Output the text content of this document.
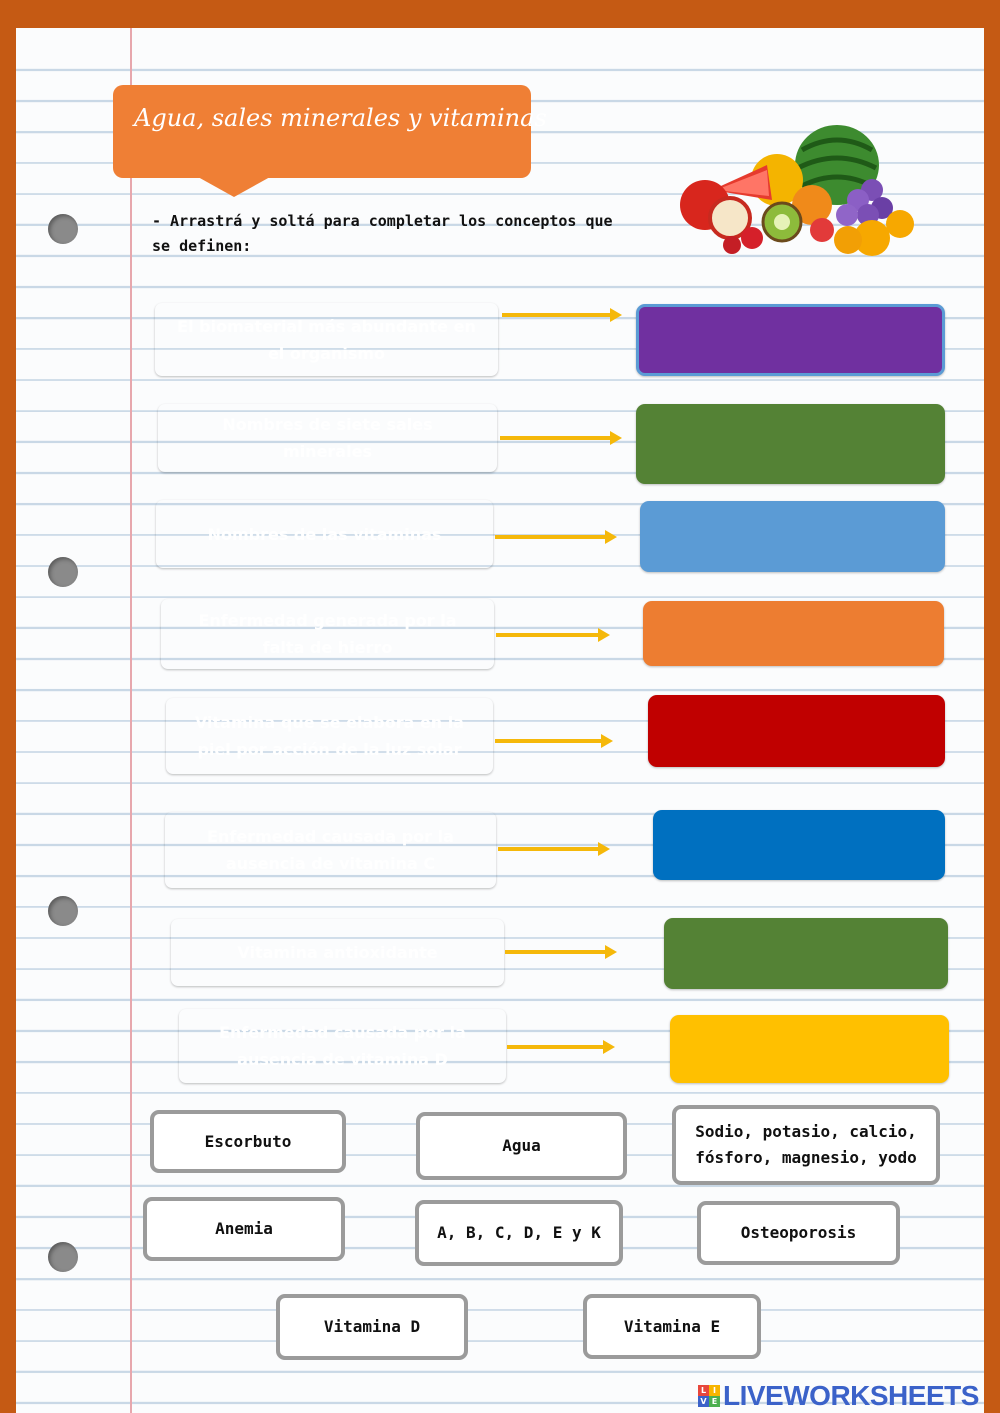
Agua, sales minerales y vitaminas
- Arrastrá y soltá para completar los conceptos que se definen:
El biomaterial más abundante en el organismo
Nombres de siete sales minerales
Nombres de las vitaminas
Enfermedad generada por la falta de hierro
Vitamina que se elabora en la piel por acción de la luz solar
Enfermedad causada por la ausencia de vitamina C
Vitamina antioxidante
Enfermedad causada por la ausencia de vitamina D
Escorbuto	Agua
Sodio, potasio, calcio, fósforo, magnesio, yodo
Anemia	A, B, C, D, E y K	Osteoporosis
Vitamina D	Vitamina E
L I
V E LIVEWORKSHEETS
